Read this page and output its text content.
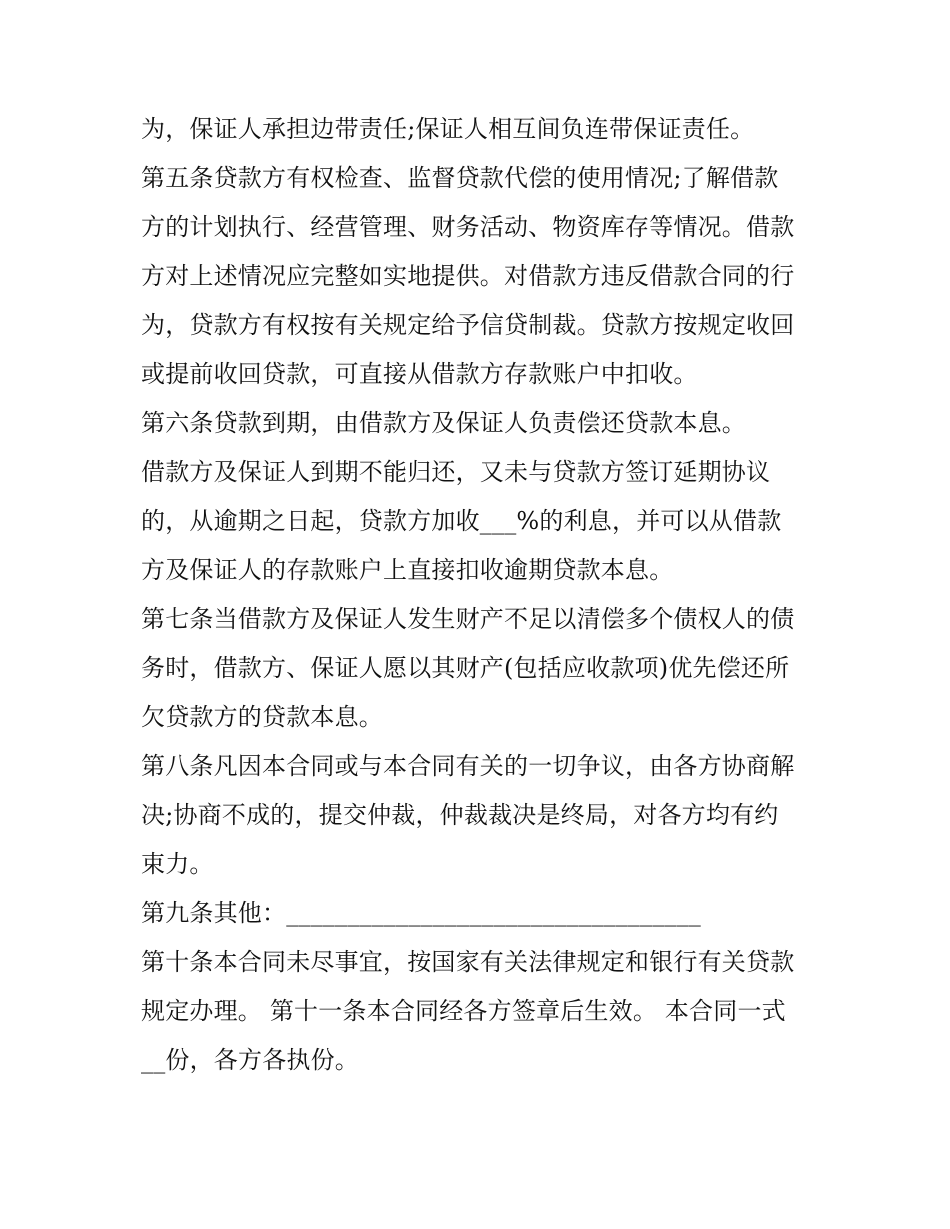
为，保证人承担边带责任;保证人相互间负连带保证责任。
第五条贷款方有权检查、监督贷款代偿的使用情况;了解借款
方的计划执行、经营管理、财务活动、物资库存等情况。借款
方对上述情况应完整如实地提供。对借款方违反借款合同的行
为，贷款方有权按有关规定给予信贷制裁。贷款方按规定收回
或提前收回贷款，可直接从借款方存款账户中扣收。
第六条贷款到期，由借款方及保证人负责偿还贷款本息。
借款方及保证人到期不能归还，又未与贷款方签订延期协议
的，从逾期之日起，贷款方加收___%的利息，并可以从借款
方及保证人的存款账户上直接扣收逾期贷款本息。
第七条当借款方及保证人发生财产不足以清偿多个债权人的债
务时，借款方、保证人愿以其财产(包括应收款项)优先偿还所
欠贷款方的贷款本息。
第八条凡因本合同或与本合同有关的一切争议，由各方协商解
决;协商不成的，提交仲裁，仲裁裁决是终局，对各方均有约
束力。
第九条其他：__________________________________
第十条本合同未尽事宜，按国家有关法律规定和银行有关贷款
规定办理。 第十一条本合同经各方签章后生效。 本合同一式
__份，各方各执份。
